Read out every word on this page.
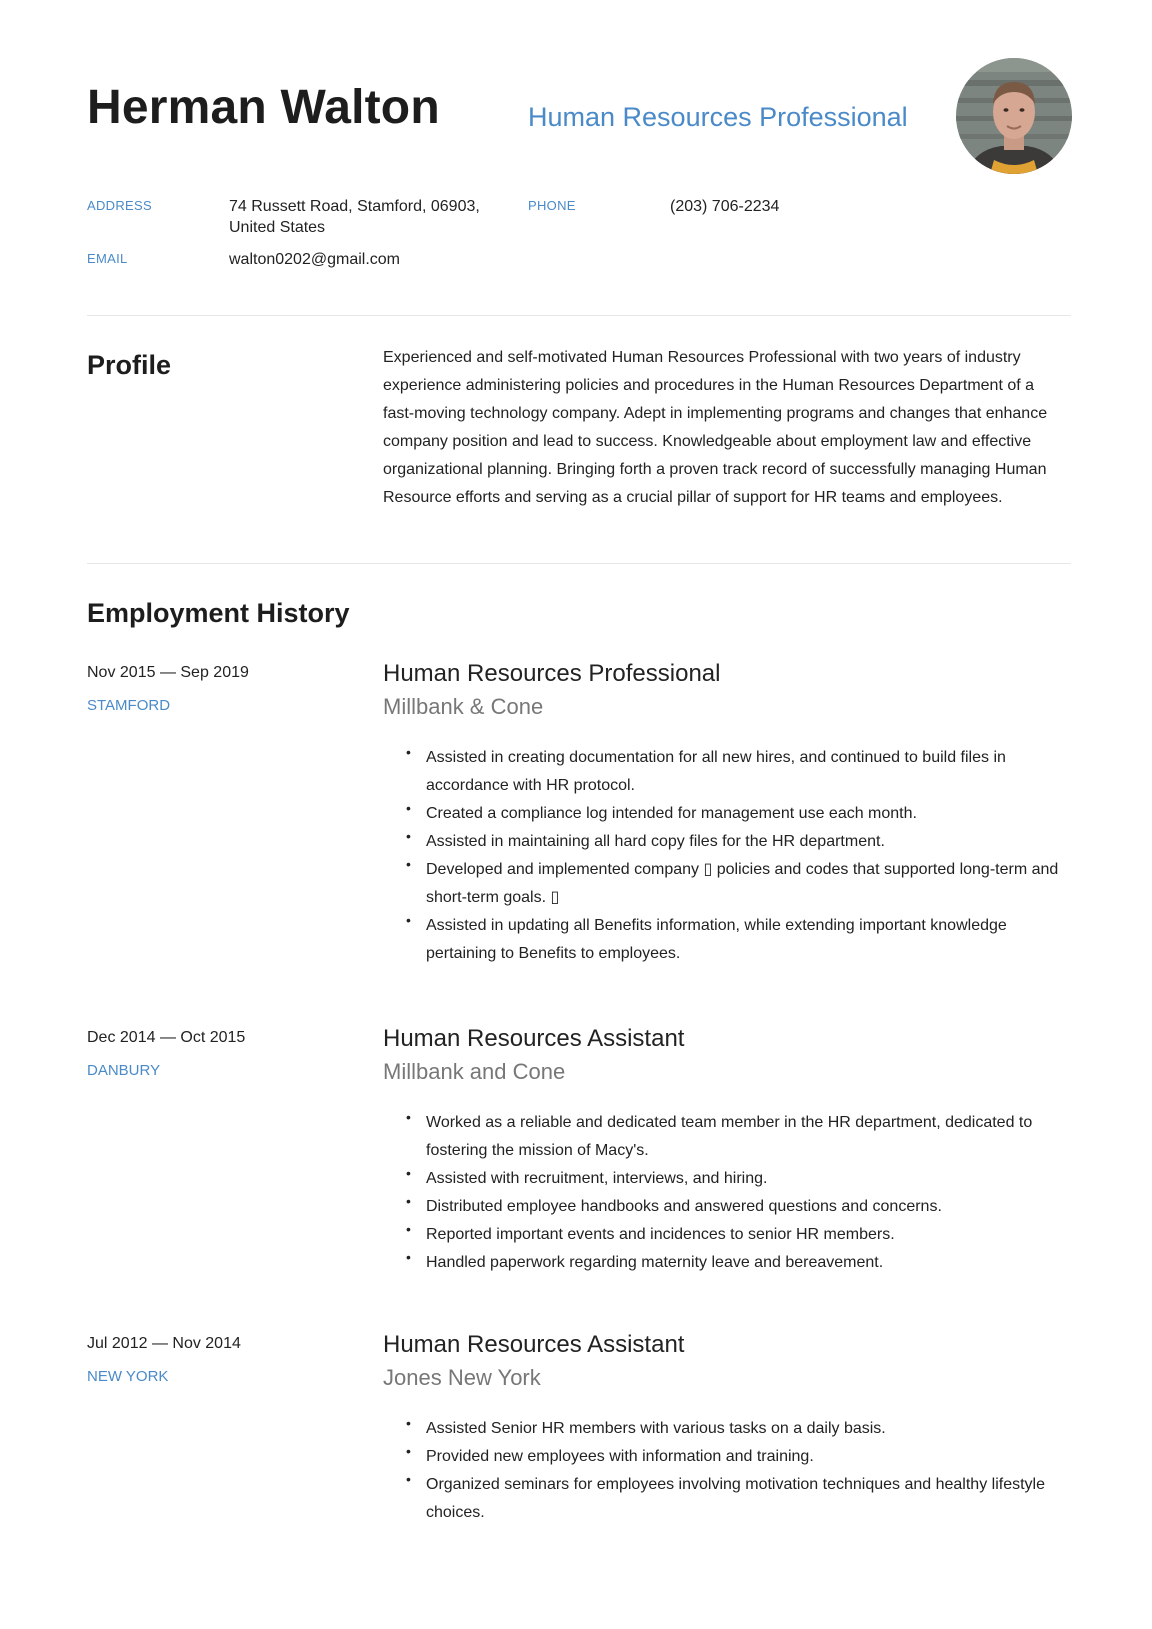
Herman Walton	Human Resources Professional
ADDRESS	74 Russett Road, Stamford, 06903,
United States
PHONE	(203) 706-2234
EMAIL	walton0202@gmail.com
Profile	Experienced and self-motivated Human Resources Professional with two years of industry
experience administering policies and procedures in the Human Resources Department of a
fast-moving technology company. Adept in implementing programs and changes that enhance
company position and lead to success. Knowledgeable about employment law and effective
organizational planning. Bringing forth a proven track record of successfully managing Human
Resource efforts and serving as a crucial pillar of support for HR teams and employees.

Employment History
Nov 2015 — Sep 2019
STAMFORD
Human Resources Professional
Millbank & Cone
• Assisted in creating documentation for all new hires, and continued to build files in
accordance with HR protocol.
• Created a compliance log intended for management use each month.
• Assisted in maintaining all hard copy files for the HR department.
• Developed and implemented company ▯ policies and codes that supported long-term and
short-term goals. ▯
• Assisted in updating all Benefits information, while extending important knowledge
pertaining to Benefits to employees.
Dec 2014 — Oct 2015
DANBURY
Human Resources Assistant
Millbank and Cone
• Worked as a reliable and dedicated team member in the HR department, dedicated to
fostering the mission of Macy's.
• Assisted with recruitment, interviews, and hiring.
• Distributed employee handbooks and answered questions and concerns.
• Reported important events and incidences to senior HR members.
• Handled paperwork regarding maternity leave and bereavement.
Jul 2012 — Nov 2014
NEW YORK
Human Resources Assistant
Jones New York
• Assisted Senior HR members with various tasks on a daily basis.
• Provided new employees with information and training.
• Organized seminars for employees involving motivation techniques and healthy lifestyle
choices.
